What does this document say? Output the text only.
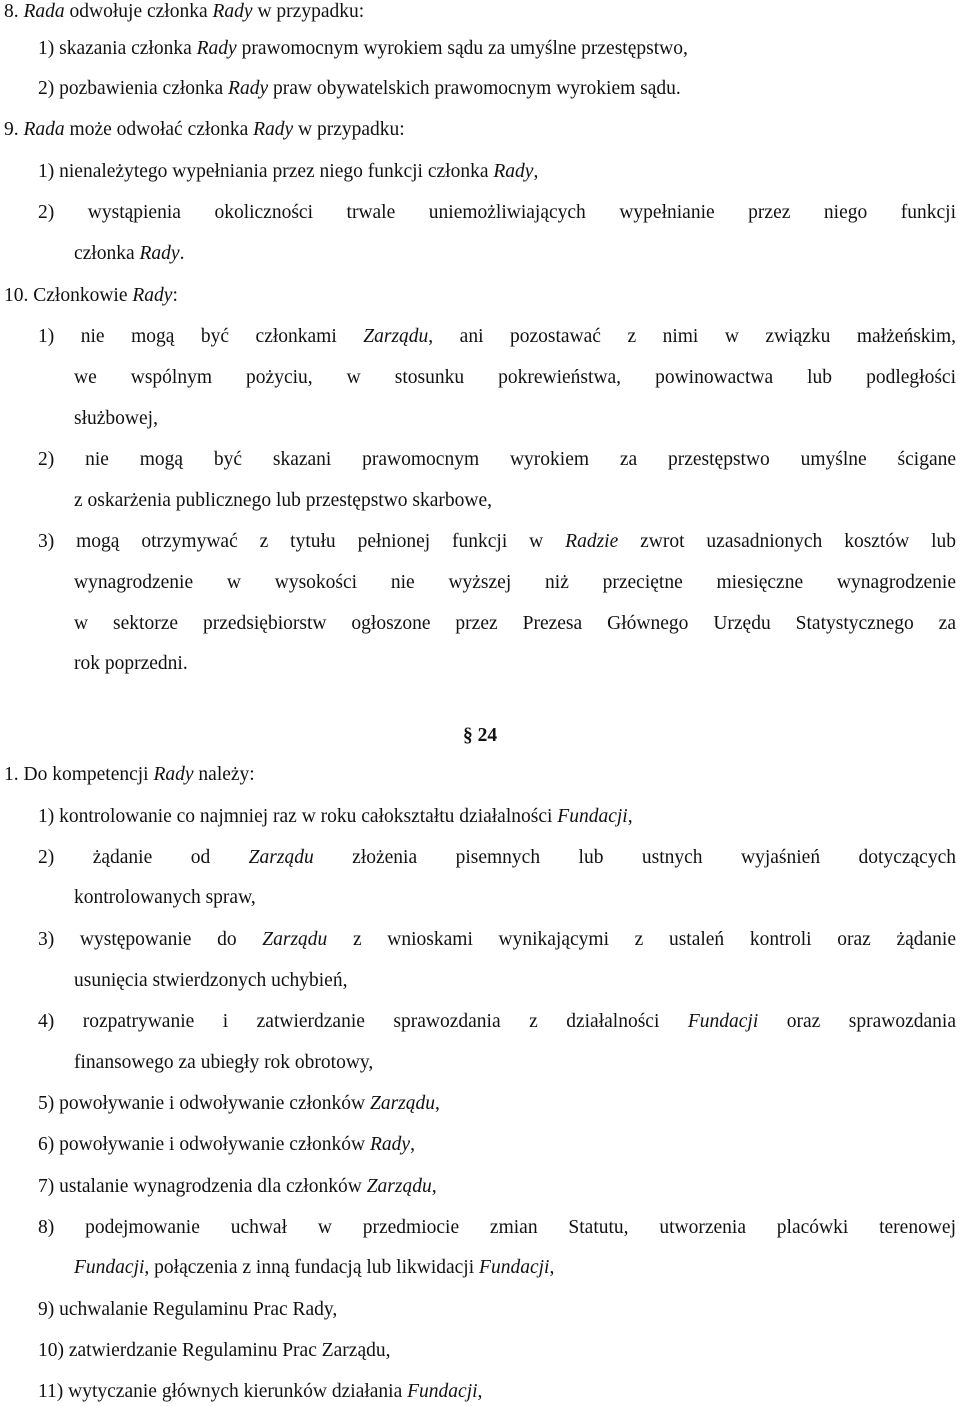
8. Rada odwołuje członka Rady w przypadku:
1) skazania członka Rady prawomocnym wyrokiem sądu za umyślne przestępstwo,
2) pozbawienia członka Rady praw obywatelskich prawomocnym wyrokiem sądu.
9. Rada może odwołać członka Rady w przypadku:
1) nienależytego wypełniania przez niego funkcji członka Rady,
2) wystąpienia okoliczności trwale uniemożliwiających wypełnianie przez niego funkcji
członka Rady.
10. Członkowie Rady:
1) nie mogą być członkami Zarządu, ani pozostawać z nimi w związku małżeńskim,
we wspólnym pożyciu, w stosunku pokrewieństwa, powinowactwa lub podległości
służbowej,
2) nie mogą być skazani prawomocnym wyrokiem za przestępstwo umyślne ścigane
z oskarżenia publicznego lub przestępstwo skarbowe,
3) mogą otrzymywać z tytułu pełnionej funkcji w Radzie zwrot uzasadnionych kosztów lub
wynagrodzenie w wysokości nie wyższej niż przeciętne miesięczne wynagrodzenie
w sektorze przedsiębiorstw ogłoszone przez Prezesa Głównego Urzędu Statystycznego za
rok poprzedni.
1. Do kompetencji Rady należy:
1) kontrolowanie co najmniej raz w roku całokształtu działalności Fundacji,
2) żądanie od Zarządu złożenia pisemnych lub ustnych wyjaśnień dotyczących
kontrolowanych spraw,
3) występowanie do Zarządu z wnioskami wynikającymi z ustaleń kontroli oraz żądanie
usunięcia stwierdzonych uchybień,
4) rozpatrywanie i zatwierdzanie sprawozdania z działalności Fundacji oraz sprawozdania
finansowego za ubiegły rok obrotowy,
5) powoływanie i odwoływanie członków Zarządu,
6) powoływanie i odwoływanie członków Rady,
7) ustalanie wynagrodzenia dla członków Zarządu,
8) podejmowanie uchwał w przedmiocie zmian Statutu, utworzenia placówki terenowej
Fundacji, połączenia z inną fundacją lub likwidacji Fundacji,
9) uchwalanie Regulaminu Prac Rady,
10) zatwierdzanie Regulaminu Prac Zarządu,
11) wytyczanie głównych kierunków działania Fundacji,
§ 24
